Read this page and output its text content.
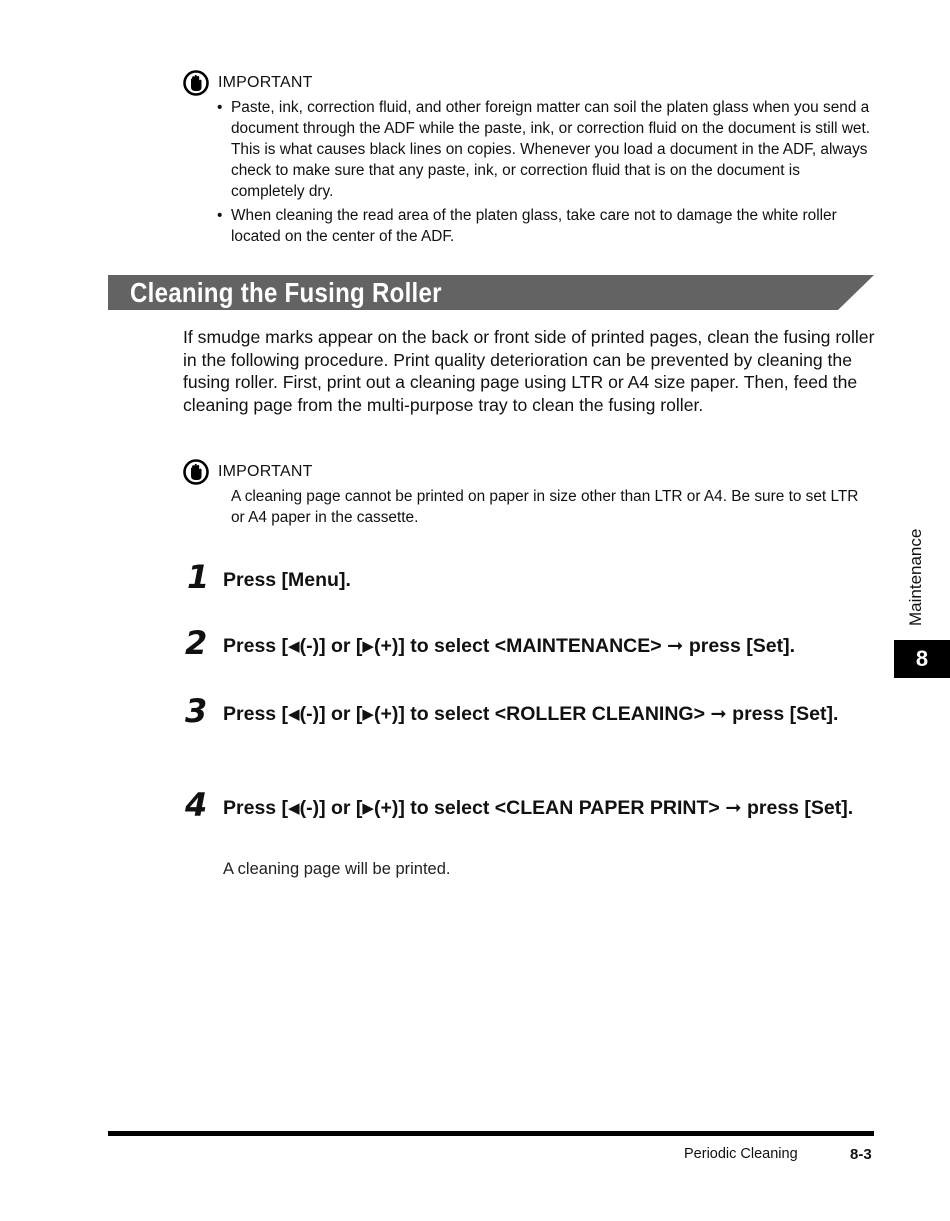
IMPORTANT
• Paste, ink, correction fluid, and other foreign matter can soil the platen glass when you send a document through the ADF while the paste, ink, or correction fluid on the document is still wet. This is what causes black lines on copies. Whenever you load a document in the ADF, always check to make sure that any paste, ink, or correction fluid that is on the document is completely dry.
• When cleaning the read area of the platen glass, take care not to damage the white roller located on the center of the ADF.
Cleaning the Fusing Roller
If smudge marks appear on the back or front side of printed pages, clean the fusing roller in the following procedure. Print quality deterioration can be prevented by cleaning the fusing roller. First, print out a cleaning page using LTR or A4 size paper. Then, feed the cleaning page from the multi-purpose tray to clean the fusing roller.
IMPORTANT
A cleaning page cannot be printed on paper in size other than LTR or A4. Be sure to set LTR or A4 paper in the cassette.
1 Press [Menu].
2 Press [◀(-)] or [▶(+)] to select <MAINTENANCE> ➞ press [Set].
3 Press [◀(-)] or [▶(+)] to select <ROLLER CLEANING> ➞ press [Set].
4 Press [◀(-)] or [▶(+)] to select <CLEAN PAPER PRINT> ➞ press [Set].
A cleaning page will be printed.
Maintenance
8
Periodic Cleaning	8-3
